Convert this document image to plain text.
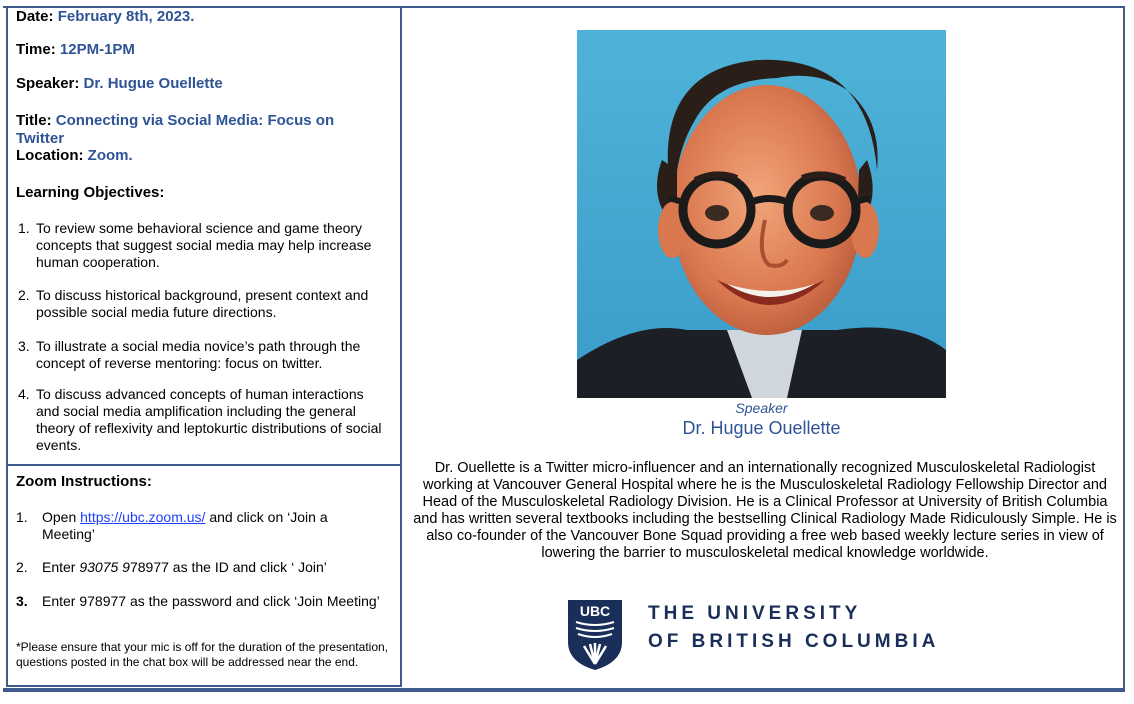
Date: February 8th, 2023.
Time: 12PM-1PM
Speaker: Dr. Hugue Ouellette
Title: Connecting via Social Media: Focus on Twitter
Location: Zoom.
Learning Objectives:
1. To review some behavioral science and game theory concepts that suggest social media may help increase human cooperation.
2. To discuss historical background, present context and possible social media future directions.
3. To illustrate a social media novice’s path through the concept of reverse mentoring: focus on twitter.
4. To discuss advanced concepts of human interactions and social media amplification including the general theory of reflexivity and leptokurtic distributions of social events.
Zoom Instructions:
1. Open https://ubc.zoom.us/ and click on ‘Join a Meeting’
2. Enter 93075 978977 as the ID and click ‘ Join’
3. Enter 978977 as the password and click ‘Join Meeting’
*Please ensure that your mic is off for the duration of the presentation, questions posted in the chat box will be addressed near the end.
Speaker
Dr. Hugue Ouellette
Dr. Ouellette is a Twitter micro-influencer and an internationally recognized Musculoskeletal Radiologist working at Vancouver General Hospital where he is the Musculoskeletal Radiology Fellowship Director and Head of the Musculoskeletal Radiology Division. He is a Clinical Professor at University of British Columbia and has written several textbooks including the bestselling Clinical Radiology Made Ridiculously Simple. He is also co-founder of the Vancouver Bone Squad providing a free web based weekly lecture series in view of lowering the barrier to musculoskeletal medical knowledge worldwide.
UBC THE UNIVERSITY
OF BRITISH COLUMBIA
